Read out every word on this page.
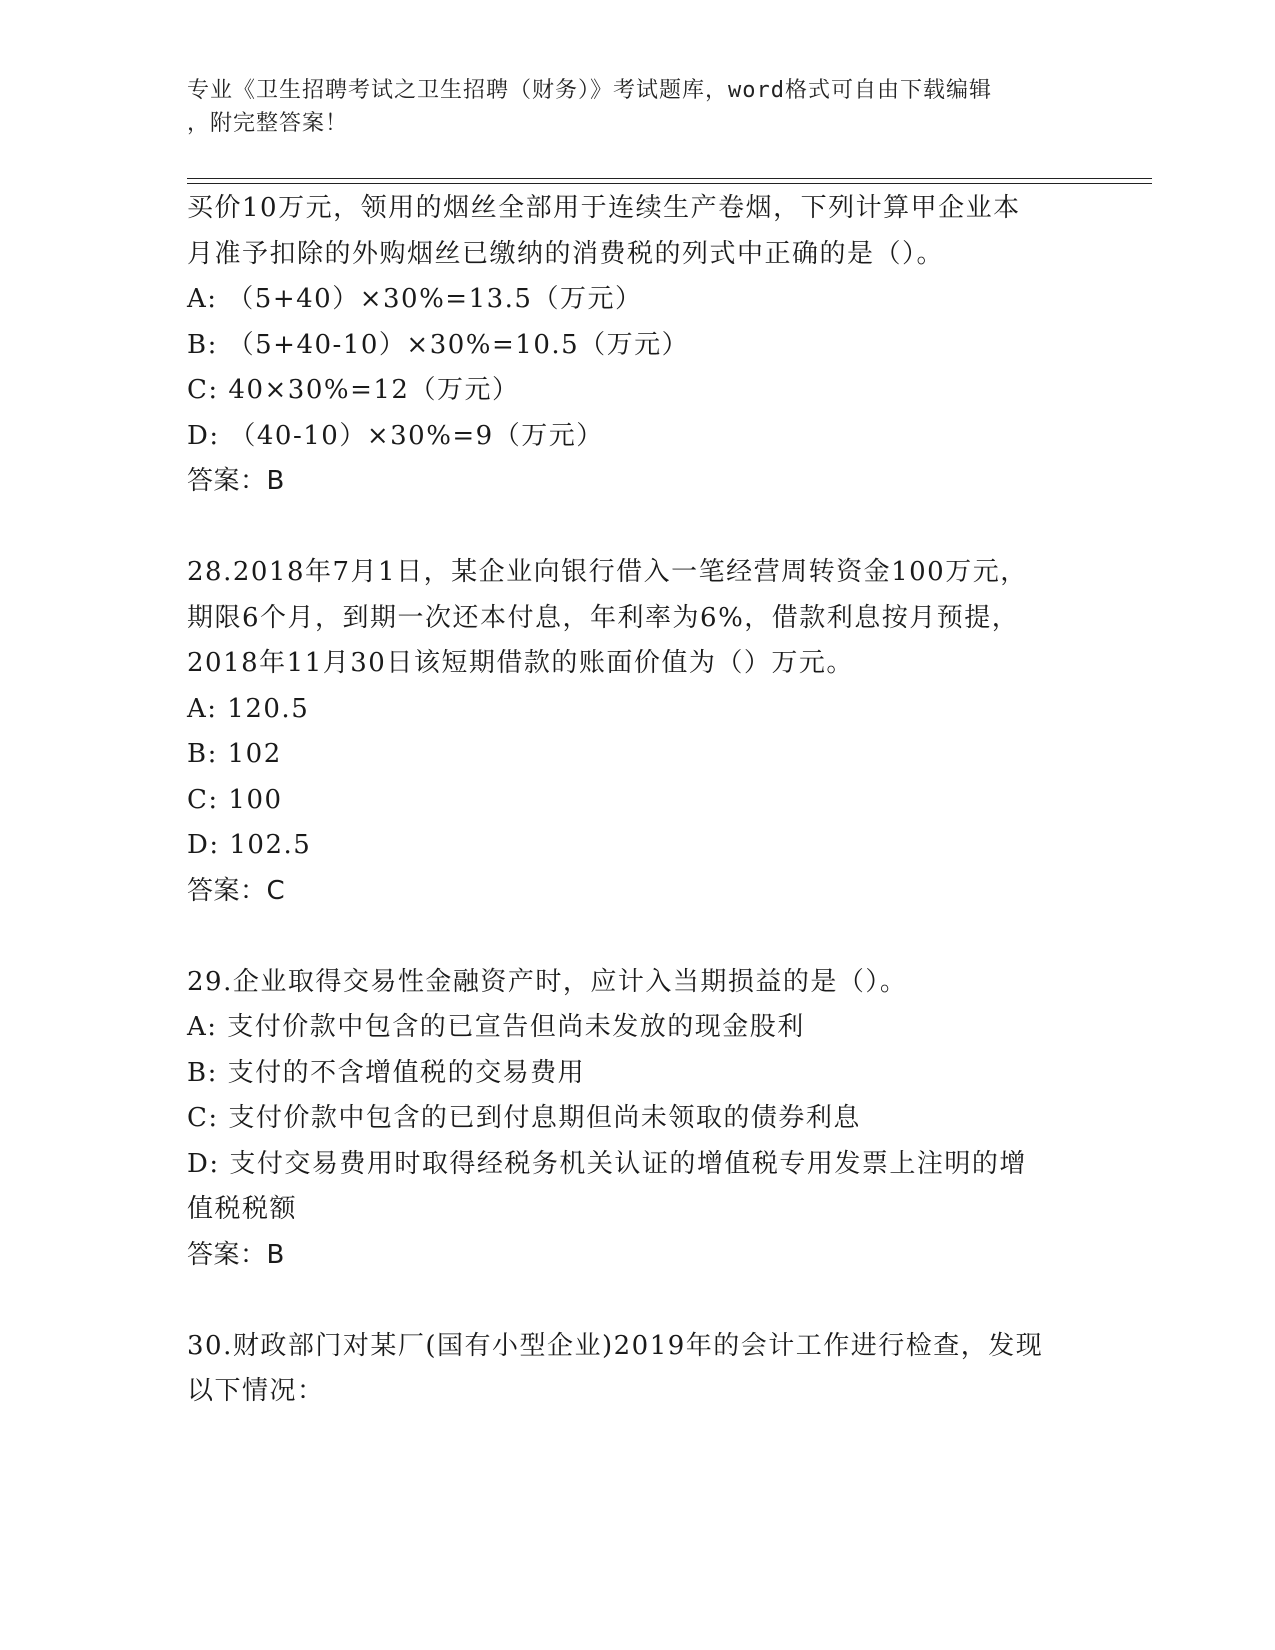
专业《卫生招聘考试之卫生招聘（财务）》考试题库，word格式可自由下载编辑
，附完整答案！
买价10万元，领用的烟丝全部用于连续生产卷烟，下列计算甲企业本
月准予扣除的外购烟丝已缴纳的消费税的列式中正确的是（）。
A: （5+40）×30%=13.5（万元）
B: （5+40-10）×30%=10.5（万元）
C: 40×30%=12（万元）
D: （40-10）×30%=9（万元）
答案：B
28.2018年7月1日，某企业向银行借入一笔经营周转资金100万元，
期限6个月，到期一次还本付息，年利率为6%，借款利息按月预提，
2018年11月30日该短期借款的账面价值为（）万元。
A: 120.5
B: 102
C: 100
D: 102.5
答案：C
29.企业取得交易性金融资产时，应计入当期损益的是（）。
A: 支付价款中包含的已宣告但尚未发放的现金股利
B: 支付的不含增值税的交易费用
C: 支付价款中包含的已到付息期但尚未领取的债券利息
D: 支付交易费用时取得经税务机关认证的增值税专用发票上注明的增
值税税额
答案：B
30.财政部门对某厂(国有小型企业)2019年的会计工作进行检查，发现
以下情况：
